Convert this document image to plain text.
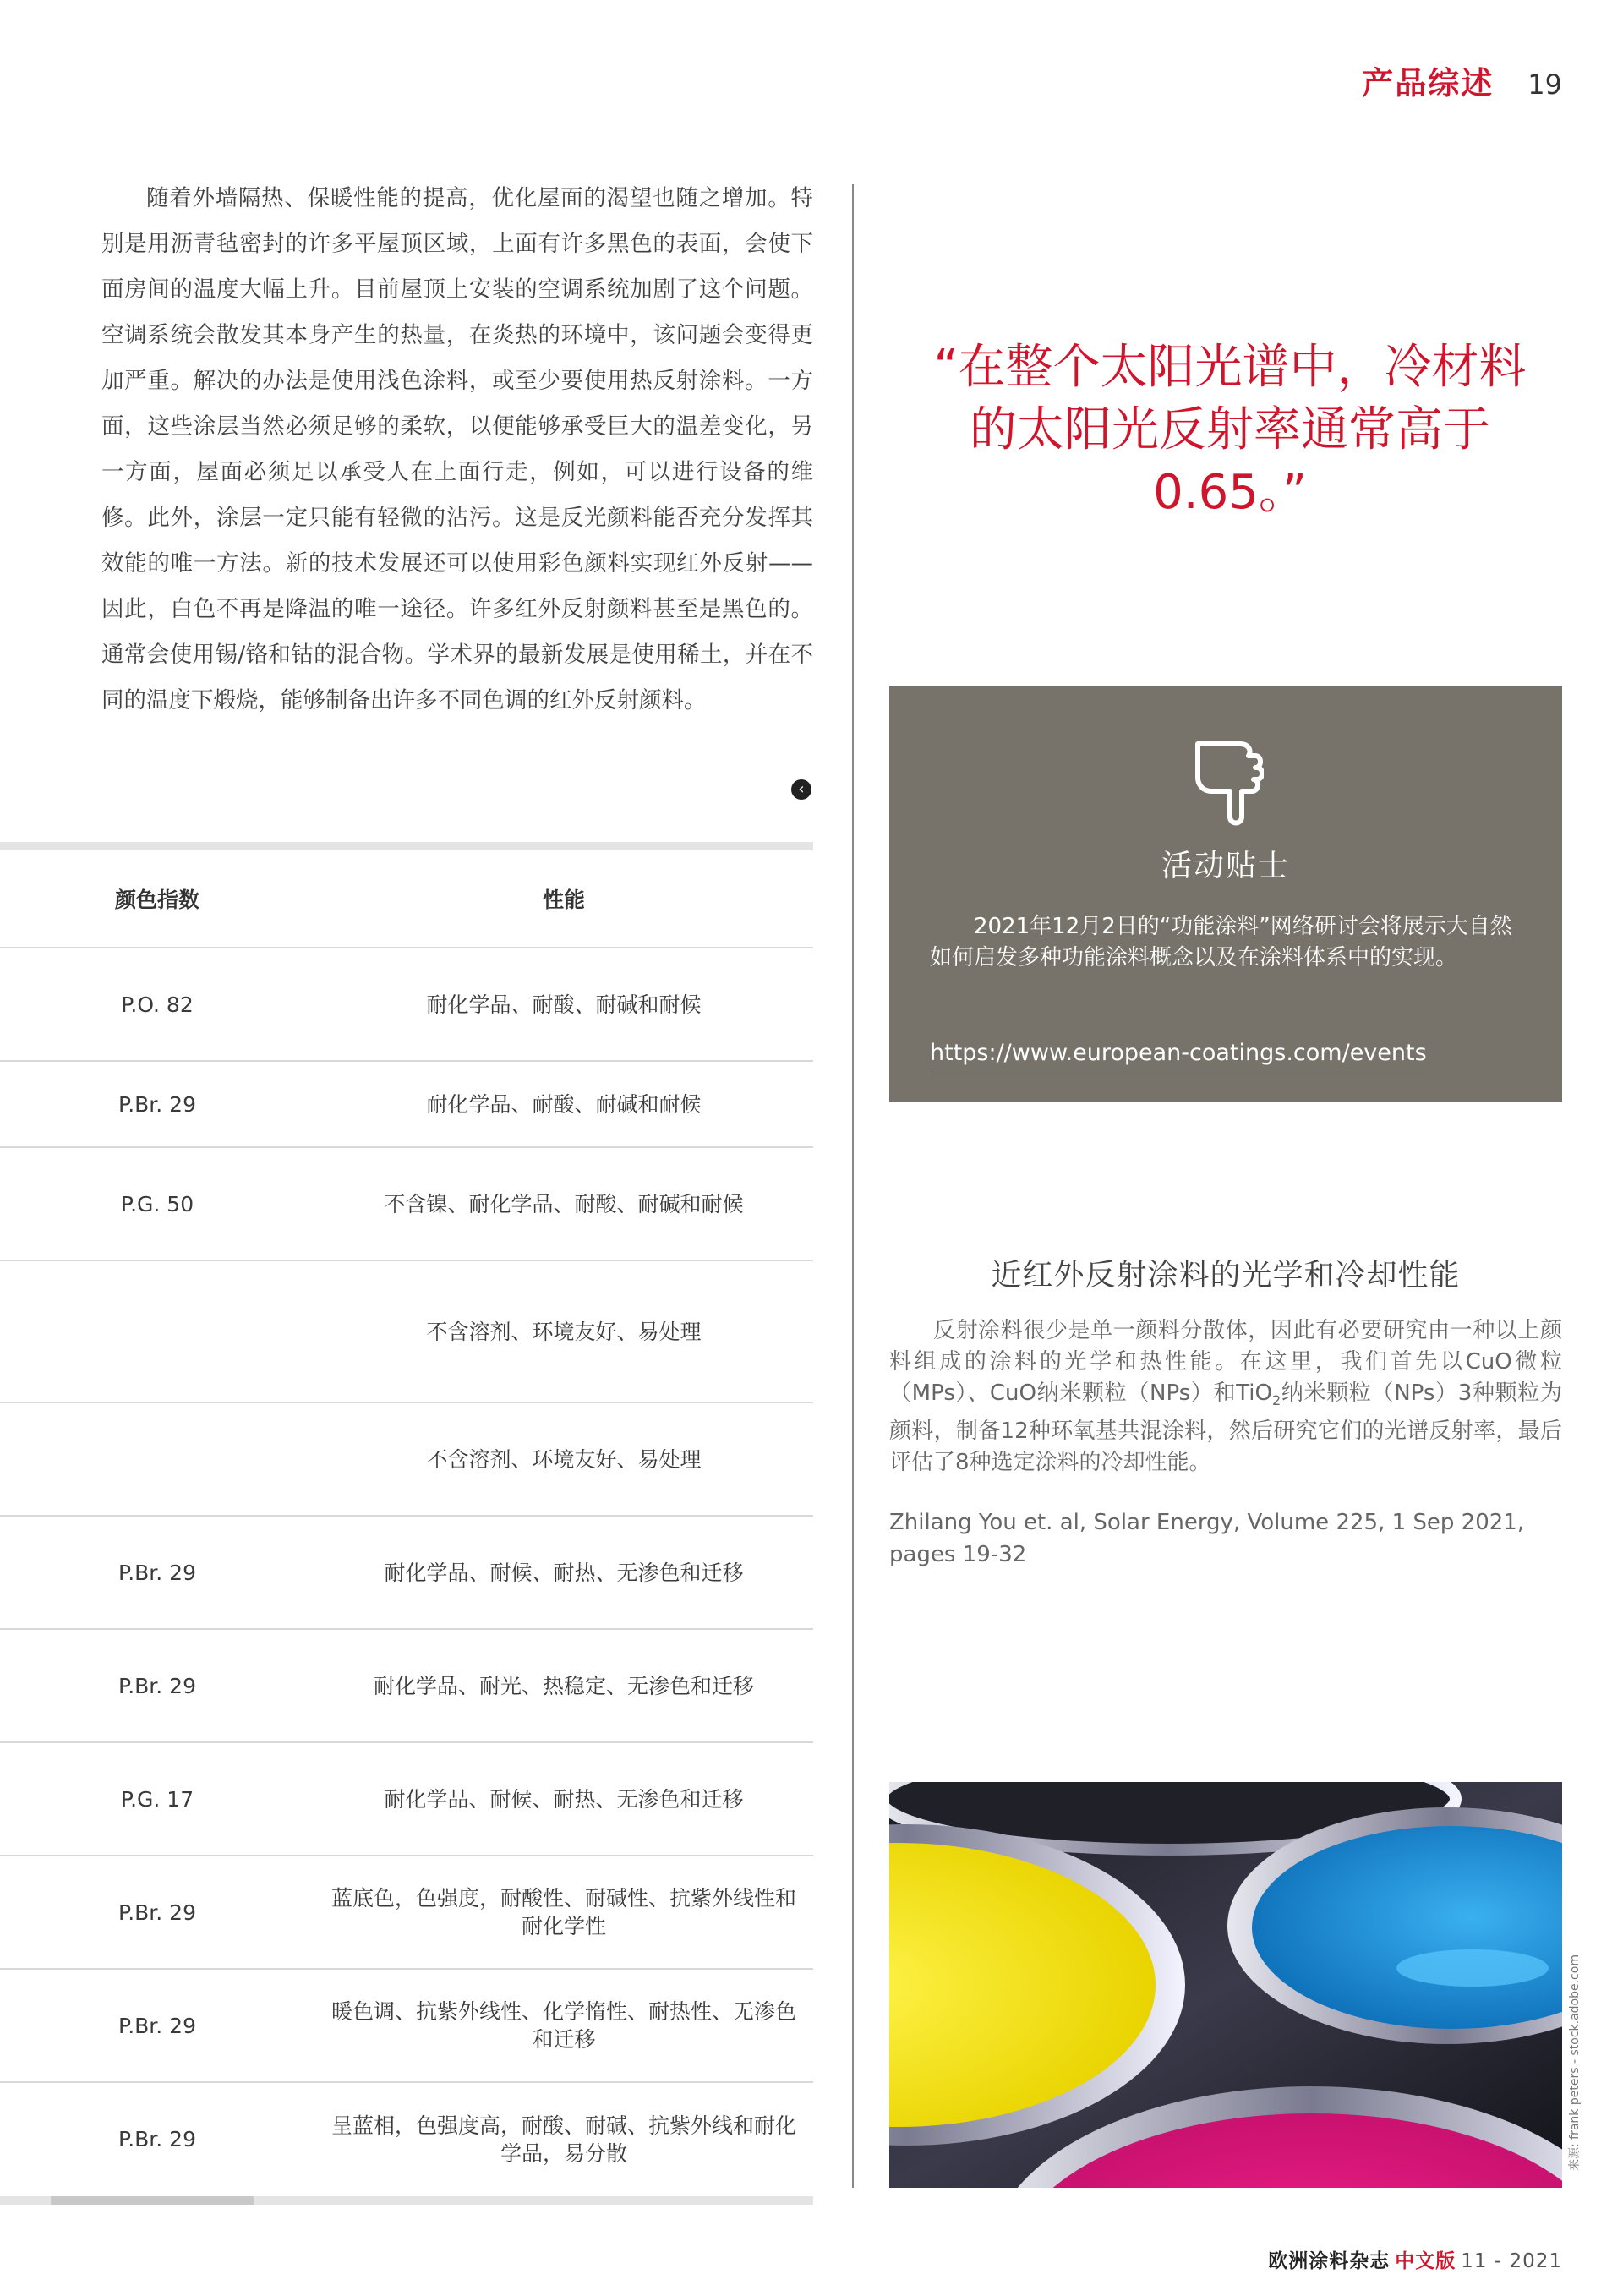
产品综述 19

随着外墙隔热、保暖性能的提高，优化屋面的渴望也随之增加。特别是用沥青毡密封的许多平屋顶区域，上面有许多黑色的表面，会使下面房间的温度大幅上升。目前屋顶上安装的空调系统加剧了这个问题。空调系统会散发其本身产生的热量，在炎热的环境中，该问题会变得更加严重。解决的办法是使用浅色涂料，或至少要使用热反射涂料。一方面，这些涂层当然必须足够的柔软，以便能够承受巨大的温差变化，另一方面，屋面必须足以承受人在上面行走，例如，可以进行设备的维修。此外，涂层一定只能有轻微的沾污。这是反光颜料能否充分发挥其效能的唯一方法。新的技术发展还可以使用彩色颜料实现红外反射——因此，白色不再是降温的唯一途径。许多红外反射颜料甚至是黑色的。通常会使用锡/铬和钴的混合物。学术界的最新发展是使用稀土，并在不同的温度下煅烧，能够制备出许多不同色调的红外反射颜料。

‹
颜色指数	性能
P.O. 82	耐化学品、耐酸、耐碱和耐候
P.Br. 29	耐化学品、耐酸、耐碱和耐候
P.G. 50	不含镍、耐化学品、耐酸、耐碱和耐候
	不含溶剂、环境友好、易处理
	不含溶剂、环境友好、易处理
P.Br. 29	耐化学品、耐候、耐热、无渗色和迁移
P.Br. 29	耐化学品、耐光、热稳定、无渗色和迁移
P.G. 17	耐化学品、耐候、耐热、无渗色和迁移
P.Br. 29	蓝底色，色强度，耐酸性、耐碱性、抗紫外线性和耐化学性
P.Br. 29	暖色调、抗紫外线性、化学惰性、耐热性、无渗色和迁移
P.Br. 29	呈蓝相，色强度高，耐酸、耐碱、抗紫外线和耐化学品，易分散
“在整个太阳光谱中，冷材料的太阳光反射率通常高于0.65。”
活动贴士

2021年12月2日的“功能涂料”网络研讨会将展示大自然如何启发多种功能涂料概念以及在涂料体系中的实现。

https://www.european-coatings.com/events
近红外反射涂料的光学和冷却性能

反射涂料很少是单一颜料分散体，因此有必要研究由一种以上颜料组成的涂料的光学和热性能。在这里，我们首先以CuO微粒（MPs）、CuO纳米颗粒（NPs）和TiO$_2$纳米颗粒（NPs）3种颗粒为颜料，制备12种环氧基共混涂料，然后研究它们的光谱反射率，最后评估了8种选定涂料的冷却性能。

Zhilang You et. al, Solar Energy, Volume 225, 1 Sep 2021, pages 19-32

来源: frank peters - stock.adobe.com
欧洲涂料杂志 中文版 11 - 2021
